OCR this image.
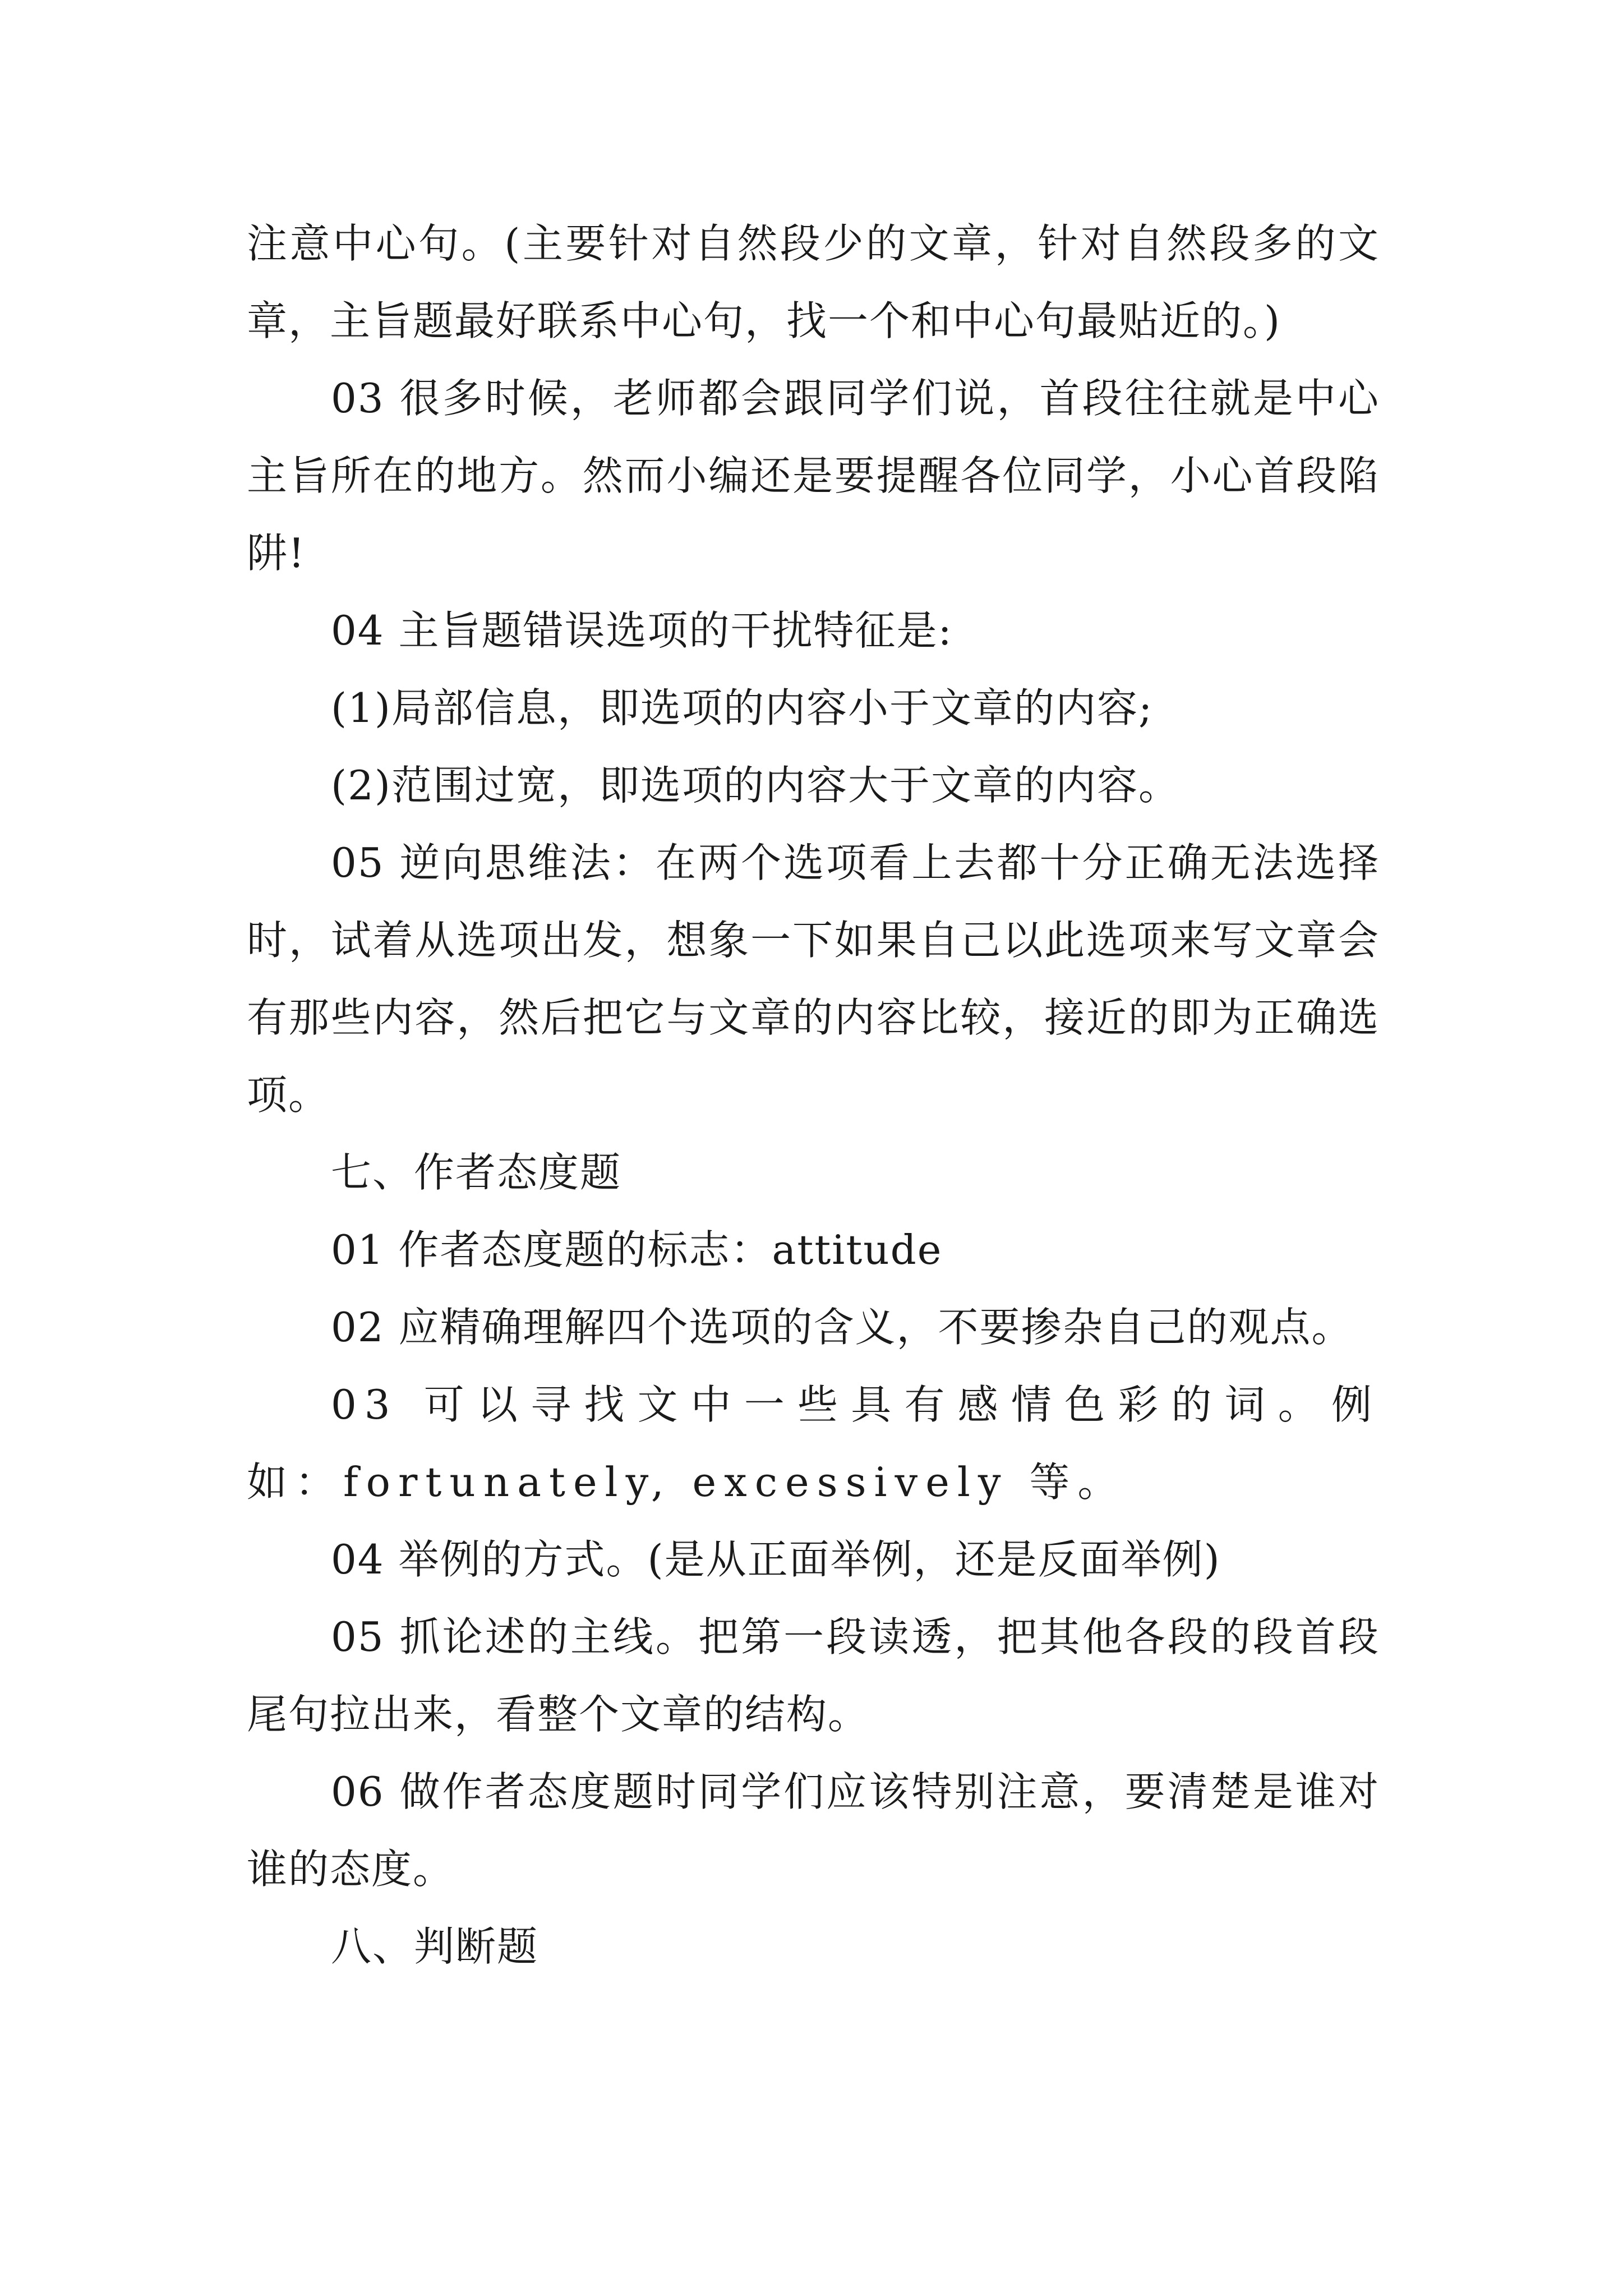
注意中心句。(主要针对自然段少的文章，针对自然段多的文章，主旨题最好联系中心句，找一个和中心句最贴近的。)

03 很多时候，老师都会跟同学们说，首段往往就是中心主旨所在的地方。然而小编还是要提醒各位同学，小心首段陷阱!

04 主旨题错误选项的干扰特征是:

(1)局部信息，即选项的内容小于文章的内容;

(2)范围过宽，即选项的内容大于文章的内容。

05 逆向思维法：在两个选项看上去都十分正确无法选择时，试着从选项出发，想象一下如果自己以此选项来写文章会有那些内容，然后把它与文章的内容比较，接近的即为正确选项。

七、作者态度题

01 作者态度题的标志：attitude

02 应精确理解四个选项的含义，不要掺杂自己的观点。

03 可以寻找文中一些具有感情色彩的词。例如：fortunately, excessively 等。

04 举例的方式。(是从正面举例，还是反面举例)

05 抓论述的主线。把第一段读透，把其他各段的段首段尾句拉出来，看整个文章的结构。

06 做作者态度题时同学们应该特别注意，要清楚是谁对谁的态度。

八、判断题
